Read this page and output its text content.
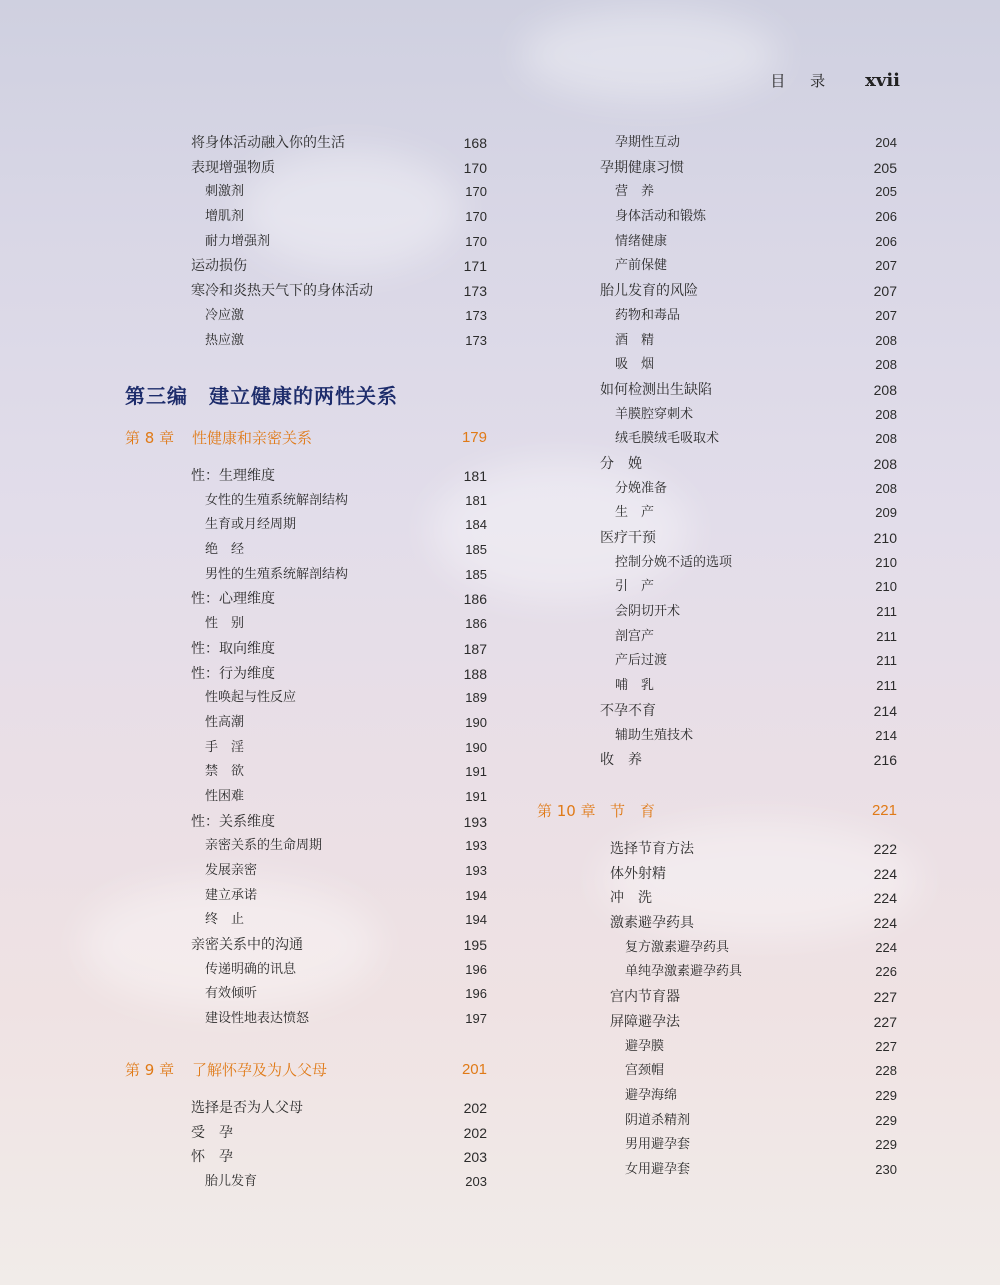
目 录 xvii
将身体活动融入你的生活	168
表现增强物质	170
刺激剂	170
增肌剂	170
耐力增强剂	170
运动损伤	171
寒冷和炎热天气下的身体活动	173
冷应激	173
热应激	173
第三编　建立健康的两性关系
第 8 章 性健康和亲密关系	179
性：生理维度	181
女性的生殖系统解剖结构	181
生育或月经周期	184
绝　经	185
男性的生殖系统解剖结构	185
性：心理维度	186
性　别	186
性：取向维度	187
性：行为维度	188
性唤起与性反应	189
性高潮	190
手　淫	190
禁　欲	191
性困难	191
性：关系维度	193
亲密关系的生命周期	193
发展亲密	193
建立承诺	194
终　止	194
亲密关系中的沟通	195
传递明确的讯息	196
有效倾听	196
建设性地表达愤怒	197
第 9 章 了解怀孕及为人父母	201
选择是否为人父母	202
受　孕	202
怀　孕	203
胎儿发育	203
孕期性互动	204
孕期健康习惯	205
营　养	205
身体活动和锻炼	206
情绪健康	206
产前保健	207
胎儿发育的风险	207
药物和毒品	207
酒　精	208
吸　烟	208
如何检测出生缺陷	208
羊膜腔穿刺术	208
绒毛膜绒毛吸取术	208
分　娩	208
分娩准备	208
生　产	209
医疗干预	210
控制分娩不适的选项	210
引　产	210
会阴切开术	211
剖宫产	211
产后过渡	211
哺　乳	211
不孕不育	214
辅助生殖技术	214
收　养	216
第 10 章 节　育	221
选择节育方法	222
体外射精	224
冲　洗	224
激素避孕药具	224
复方激素避孕药具	224
单纯孕激素避孕药具	226
宫内节育器	227
屏障避孕法	227
避孕膜	227
宫颈帽	228
避孕海绵	229
阴道杀精剂	229
男用避孕套	229
女用避孕套	230
